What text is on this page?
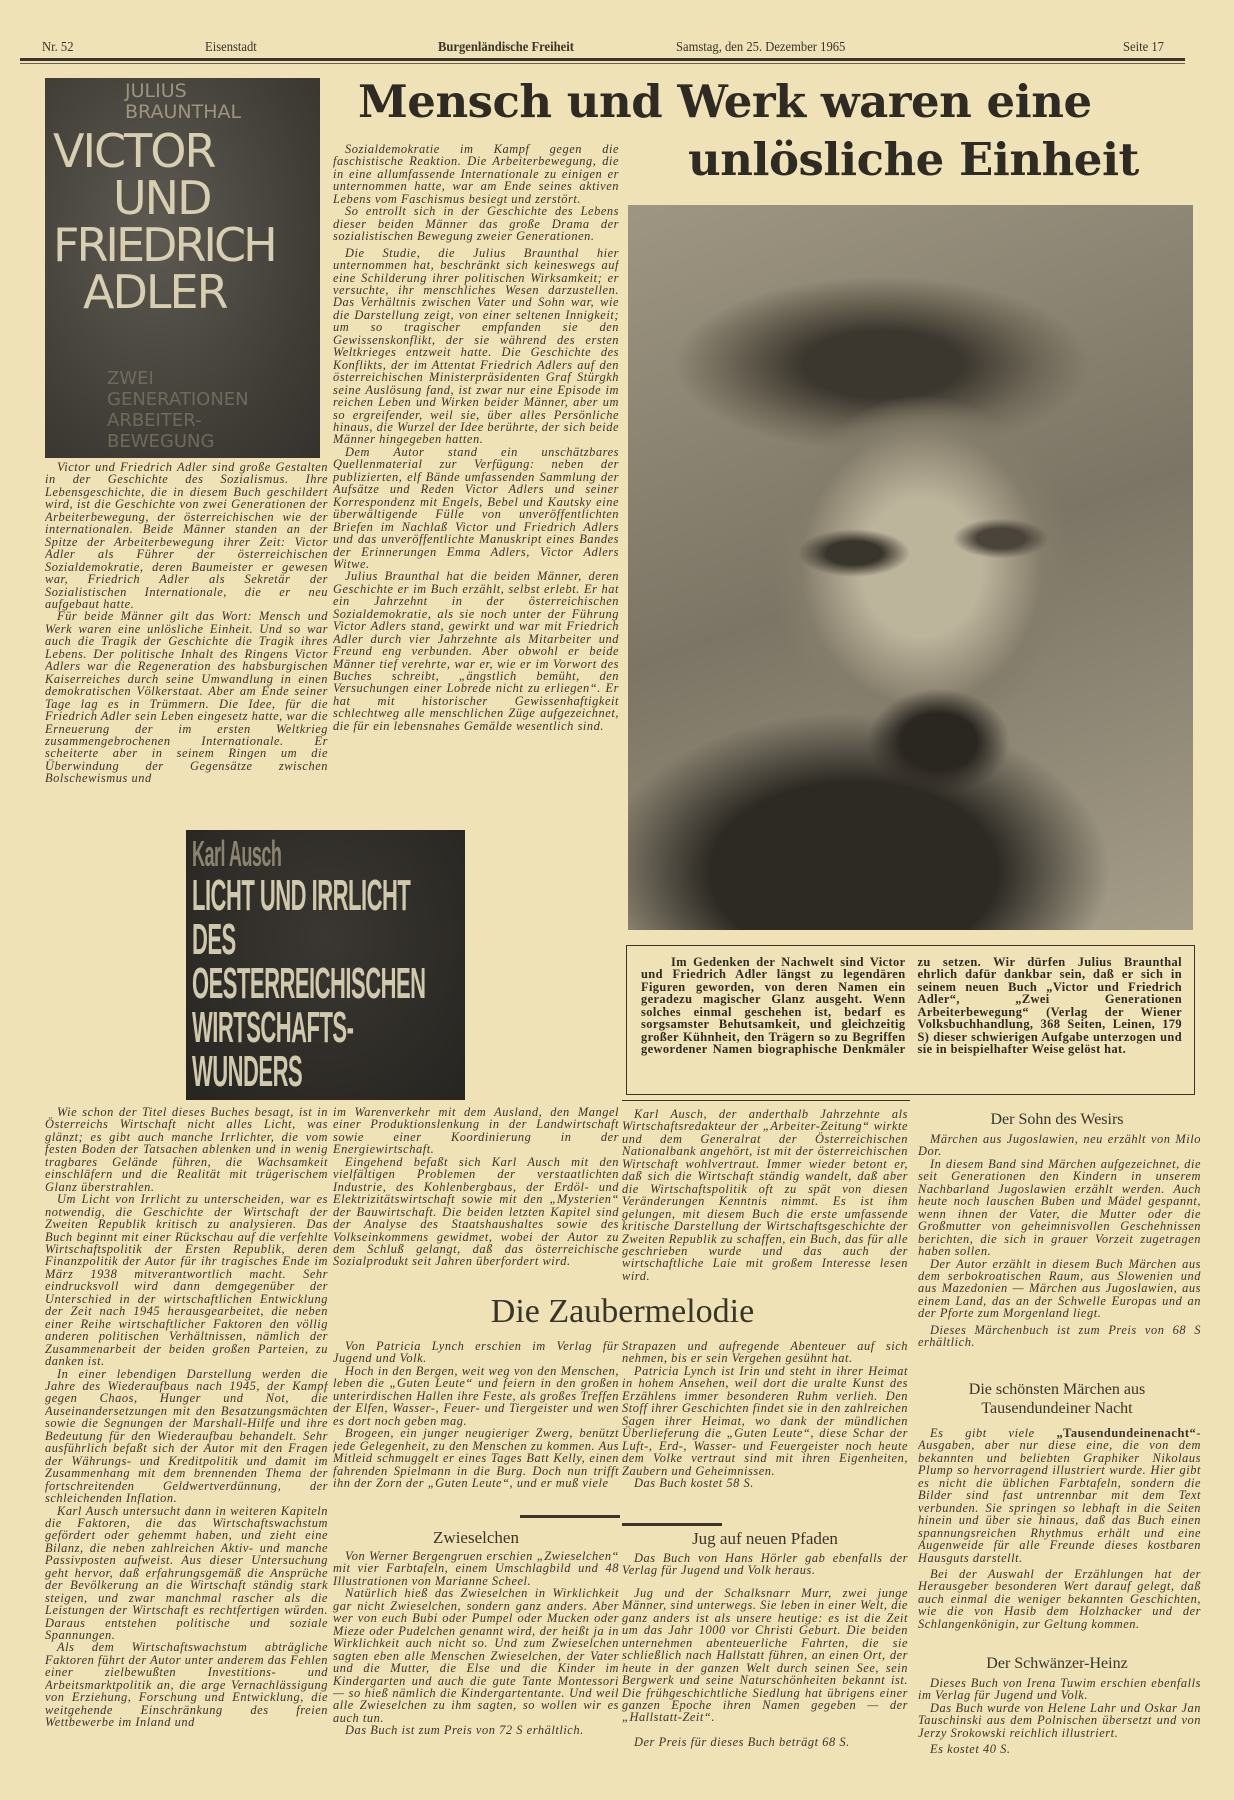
Nr. 52	Eisenstadt	Burgenländische Freiheit	Samstag, den 25. Dezember 1965	Seite 17
Mensch und Werk waren eine
unlösliche Einheit
JULIUS
BRAUNTHAL
VICTOR
UND
FRIEDRICH
ADLER
ZWEI
GENERATIONEN
ARBEITER-
BEWEGUNG

Victor und Friedrich Adler sind große Gestalten in der Geschichte des Sozialismus. Ihre Lebensgeschichte, die in diesem Buch geschildert wird, ist die Geschichte von zwei Generationen der Arbeiterbewegung, der österreichischen wie der internationalen. Beide Männer standen an der Spitze der Arbeiterbewegung ihrer Zeit: Victor Adler als Führer der österreichischen Sozialdemokratie, deren Baumeister er gewesen war, Friedrich Adler als Sekretär der Sozialistischen Internationale, die er neu aufgebaut hatte.

Für beide Männer gilt das Wort: Mensch und Werk waren eine unlösliche Einheit. Und so war auch die Tragik der Geschichte die Tragik ihres Lebens. Der politische Inhalt des Ringens Victor Adlers war die Regeneration des habsburgischen Kaiserreiches durch seine Umwandlung in einen demokratischen Völkerstaat. Aber am Ende seiner Tage lag es in Trümmern. Die Idee, für die Friedrich Adler sein Leben eingesetz hatte, war die Erneuerung der im ersten Weltkrieg zusammengebrochenen Internationale. Er scheiterte aber in seinem Ringen um die Überwindung der Gegensätze zwischen Bolschewismus und

Sozialdemokratie im Kampf gegen die faschistische Reaktion. Die Arbeiterbewegung, die in eine allumfassende Internationale zu einigen er unternommen hatte, war am Ende seines aktiven Lebens vom Faschismus besiegt und zerstört.

So entrollt sich in der Geschichte des Lebens dieser beiden Männer das große Drama der sozialistischen Bewegung zweier Generationen.

Die Studie, die Julius Braunthal hier unternommen hat, beschränkt sich keineswegs auf eine Schilderung ihrer politischen Wirksamkeit; er versuchte, ihr menschliches Wesen darzustellen. Das Verhältnis zwischen Vater und Sohn war, wie die Darstellung zeigt, von einer seltenen Innigkeit; um so tragischer empfanden sie den Gewissenskonflikt, der sie während des ersten Weltkrieges entzweit hatte. Die Geschichte des Konflikts, der im Attentat Friedrich Adlers auf den österreichischen Ministerpräsidenten Graf Stürgkh seine Auslösung fand, ist zwar nur eine Episode im reichen Leben und Wirken beider Männer, aber um so ergreifender, weil sie, über alles Persönliche hinaus, die Wurzel der Idee berührte, der sich beide Männer hingegeben hatten.

Dem Autor stand ein unschätzbares Quellenmaterial zur Verfügung: neben der publizierten, elf Bände umfassenden Sammlung der Aufsätze und Reden Victor Adlers und seiner Korrespondenz mit Engels, Bebel und Kautsky eine überwältigende Fülle von unveröffentlichten Briefen im Nachlaß Victor und Friedrich Adlers und das unveröffentlichte Manuskript eines Bandes der Erinnerungen Emma Adlers, Victor Adlers Witwe.

Julius Braunthal hat die beiden Männer, deren Geschichte er im Buch erzählt, selbst erlebt. Er hat ein Jahrzehnt in der österreichischen Sozialdemokratie, als sie noch unter der Führung Victor Adlers stand, gewirkt und war mit Friedrich Adler durch vier Jahrzehnte als Mitarbeiter und Freund eng verbunden. Aber obwohl er beide Männer tief verehrte, war er, wie er im Vorwort des Buches schreibt, „ängstlich bemüht, den Versuchungen einer Lobrede nicht zu erliegen“. Er hat mit historischer Gewissenhaftigkeit schlechtweg alle menschlichen Züge aufgezeichnet, die für ein lebensnahes Gemälde wesentlich sind.

Im Gedenken der Nachwelt sind Victor und Friedrich Adler längst zu legendären Figuren geworden, von deren Namen ein geradezu magischer Glanz ausgeht. Wenn solches einmal geschehen ist, bedarf es sorgsamster Behutsamkeit, und gleichzeitig großer Kühnheit, den Trägern so zu Begriffen gewordener Namen biographische Denkmäler zu setzen. Wir dürfen Julius Braunthal ehrlich dafür dankbar sein, daß er sich in seinem neuen Buch „Victor und Friedrich Adler“, „Zwei Generationen Arbeiterbewegung“ (Verlag der Wiener Volksbuchhandlung, 368 Seiten, Leinen, 179 S) dieser schwierigen Aufgabe unterzogen und sie in beispielhafter Weise gelöst hat.

Karl Ausch
LICHT UND IRRLICHT
DES
OESTERREICHISCHEN
WIRTSCHAFTS-
WUNDERS

Wie schon der Titel dieses Buches besagt, ist in Österreichs Wirtschaft nicht alles Licht, was glänzt; es gibt auch manche Irrlichter, die vom festen Boden der Tatsachen ablenken und in wenig tragbares Gelände führen, die Wachsamkeit einschläfern und die Realität mit trügerischem Glanz überstrahlen.

Um Licht von Irrlicht zu unterscheiden, war es notwendig, die Geschichte der Wirtschaft der Zweiten Republik kritisch zu analysieren. Das Buch beginnt mit einer Rückschau auf die verfehlte Wirtschaftspolitik der Ersten Republik, deren Finanzpolitik der Autor für ihr tragisches Ende im März 1938 mitverantwortlich macht. Sehr eindrucksvoll wird dann demgegenüber der Unterschied in der wirtschaftlichen Entwicklung der Zeit nach 1945 herausgearbeitet, die neben einer Reihe wirtschaftlicher Faktoren den völlig anderen politischen Verhältnissen, nämlich der Zusammenarbeit der beiden großen Parteien, zu danken ist.

In einer lebendigen Darstellung werden die Jahre des Wiederaufbaus nach 1945, der Kampf gegen Chaos, Hunger und Not, die Auseinandersetzungen mit den Besatzungsmächten sowie die Segnungen der Marshall-Hilfe und ihre Bedeutung für den Wiederaufbau behandelt. Sehr ausführlich befaßt sich der Autor mit den Fragen der Währungs- und Kreditpolitik und damit im Zusammenhang mit dem brennenden Thema der fortschreitenden Geldwertverdünnung, der schleichenden Inflation.

Karl Ausch untersucht dann in weiteren Kapiteln die Faktoren, die das Wirtschaftswachstum gefördert oder gehemmt haben, und zieht eine Bilanz, die neben zahlreichen Aktiv- und manche Passivposten aufweist. Aus dieser Untersuchung geht hervor, daß erfahrungsgemäß die Ansprüche der Bevölkerung an die Wirtschaft ständig stark steigen, und zwar manchmal rascher als die Leistungen der Wirtschaft es rechtfertigen würden. Daraus entstehen politische und soziale Spannungen.

Als dem Wirtschaftswachstum abträgliche Faktoren führt der Autor unter anderem das Fehlen einer zielbewußten Investitions- und Arbeitsmarktpolitik an, die arge Vernachlässigung von Erziehung, Forschung und Entwicklung, die weitgehende Einschränkung des freien Wettbewerbe im Inland und

im Warenverkehr mit dem Ausland, den Mangel einer Produktionslenkung in der Landwirtschaft sowie einer Koordinierung in der Energiewirtschaft.

Eingehend befaßt sich Karl Ausch mit den vielfältigen Problemen der verstaatlichten Industrie, des Kohlenbergbaus, der Erdöl- und Elektrizitätswirtschaft sowie mit den „Mysterien“ der Bauwirtschaft. Die beiden letzten Kapitel sind der Analyse des Staatshaushaltes sowie des Volkseinkommens gewidmet, wobei der Autor zu dem Schluß gelangt, daß das österreichische Sozialprodukt seit Jahren überfordert wird.

Karl Ausch, der anderthalb Jahrzehnte als Wirtschaftsredakteur der „Arbeiter-Zeitung“ wirkte und dem Generalrat der Österreichischen Nationalbank angehört, ist mit der österreichischen Wirtschaft wohlvertraut. Immer wieder betont er, daß sich die Wirtschaft ständig wandelt, daß aber die Wirtschaftspolitik oft zu spät von diesen Veränderungen Kenntnis nimmt. Es ist ihm gelungen, mit diesem Buch die erste umfassende kritische Darstellung der Wirtschaftsgeschichte der Zweiten Republik zu schaffen, ein Buch, das für alle geschrieben wurde und das auch der wirtschaftliche Laie mit großem Interesse lesen wird.

Die Zaubermelodie

Von Patricia Lynch erschien im Verlag für Jugend und Volk.

Hoch in den Bergen, weit weg von den Menschen, leben die „Guten Leute“ und feiern in den großen unterirdischen Hallen ihre Feste, als großes Treffen der Elfen, Wasser-, Feuer- und Tiergeister und wen es dort noch geben mag.

Brogeen, ein junger neugieriger Zwerg, benützt jede Gelegenheit, zu den Menschen zu kommen. Aus Mitleid schmuggelt er eines Tages Batt Kelly, einen fahrenden Spielmann in die Burg. Doch nun trifft ihn der Zorn der „Guten Leute“, und er muß viele

Strapazen und aufregende Abenteuer auf sich nehmen, bis er sein Vergehen gesühnt hat.

Patricia Lynch ist Irin und steht in ihrer Heimat in hohem Ansehen, weil dort die uralte Kunst des Erzählens immer besonderen Ruhm verlieh. Den Stoff ihrer Geschichten findet sie in den zahlreichen Sagen ihrer Heimat, wo dank der mündlichen Überlieferung die „Guten Leute“, diese Schar der Luft-, Erd-, Wasser- und Feuergeister noch heute dem Volke vertraut sind mit ihren Eigenheiten, Zaubern und Geheimnissen.

Das Buch kostet 58 S.

Zwieselchen

Von Werner Bergengruen erschien „Zwieselchen“ mit vier Farbtafeln, einem Umschlagbild und 48 Illustrationen von Marianne Scheel.

Natürlich hieß das Zwieselchen in Wirklichkeit gar nicht Zwieselchen, sondern ganz anders. Aber wer von euch Bubi oder Pumpel oder Mucken oder Mieze oder Pudelchen genannt wird, der heißt ja in Wirklichkeit auch nicht so. Und zum Zwieselchen sagten eben alle Menschen Zwieselchen, der Vater und die Mutter, die Else und die Kinder im Kindergarten und auch die gute Tante Montessori — so hieß nämlich die Kindergartentante. Und weil alle Zwieselchen zu ihm sagten, so wollen wir es auch tun.

Das Buch ist zum Preis von 72 S erhältlich.

Jug auf neuen Pfaden

Das Buch von Hans Hörler gab ebenfalls der Verlag für Jugend und Volk heraus.

Jug und der Schalksnarr Murr, zwei junge Männer, sind unterwegs. Sie leben in einer Welt, die ganz anders ist als unsere heutige: es ist die Zeit um das Jahr 1000 vor Christi Geburt. Die beiden unternehmen abenteuerliche Fahrten, die sie schließlich nach Hallstatt führen, an einen Ort, der heute in der ganzen Welt durch seinen See, sein Bergwerk und seine Naturschönheiten bekannt ist. Die frühgeschichtliche Siedlung hat übrigens einer ganzen Epoche ihren Namen gegeben — der „Hallstatt-Zeit“.

Der Preis für dieses Buch beträgt 68 S.

Der Sohn des Wesirs

Märchen aus Jugoslawien, neu erzählt von Milo Dor.

In diesem Band sind Märchen aufgezeichnet, die seit Generationen den Kindern in unserem Nachbarland Jugoslawien erzählt werden. Auch heute noch lauschen Buben und Mädel gespannt, wenn ihnen der Vater, die Mutter oder die Großmutter von geheimnisvollen Geschehnissen berichten, die sich in grauer Vorzeit zugetragen haben sollen.

Der Autor erzählt in diesem Buch Märchen aus dem serbokroatischen Raum, aus Slowenien und aus Mazedonien — Märchen aus Jugoslawien, aus einem Land, das an der Schwelle Europas und an der Pforte zum Morgenland liegt.

Dieses Märchenbuch ist zum Preis von 68 S erhältlich.

Die schönsten Märchen aus
Tausendundeiner Nacht

Es gibt viele „Tausendundeinenacht“-Ausgaben, aber nur diese eine, die von dem bekannten und beliebten Graphiker Nikolaus Plump so hervorragend illustriert wurde. Hier gibt es nicht die üblichen Farbtafeln, sondern die Bilder sind fast untrennbar mit dem Text verbunden. Sie springen so lebhaft in die Seiten hinein und über sie hinaus, daß das Buch einen spannungsreichen Rhythmus erhält und eine Augenweide für alle Freunde dieses kostbaren Hausguts darstellt.

Bei der Auswahl der Erzählungen hat der Herausgeber besonderen Wert darauf gelegt, daß auch einmal die weniger bekannten Geschichten, wie die von Hasib dem Holzhacker und der Schlangenkönigin, zur Geltung kommen.

Der Schwänzer-Heinz

Dieses Buch von Irena Tuwim erschien ebenfalls im Verlag für Jugend und Volk.

Das Buch wurde von Helene Lahr und Oskar Jan Tauschinski aus dem Polnischen übersetzt und von Jerzy Srokowski reichlich illustriert.

Es kostet 40 S.
